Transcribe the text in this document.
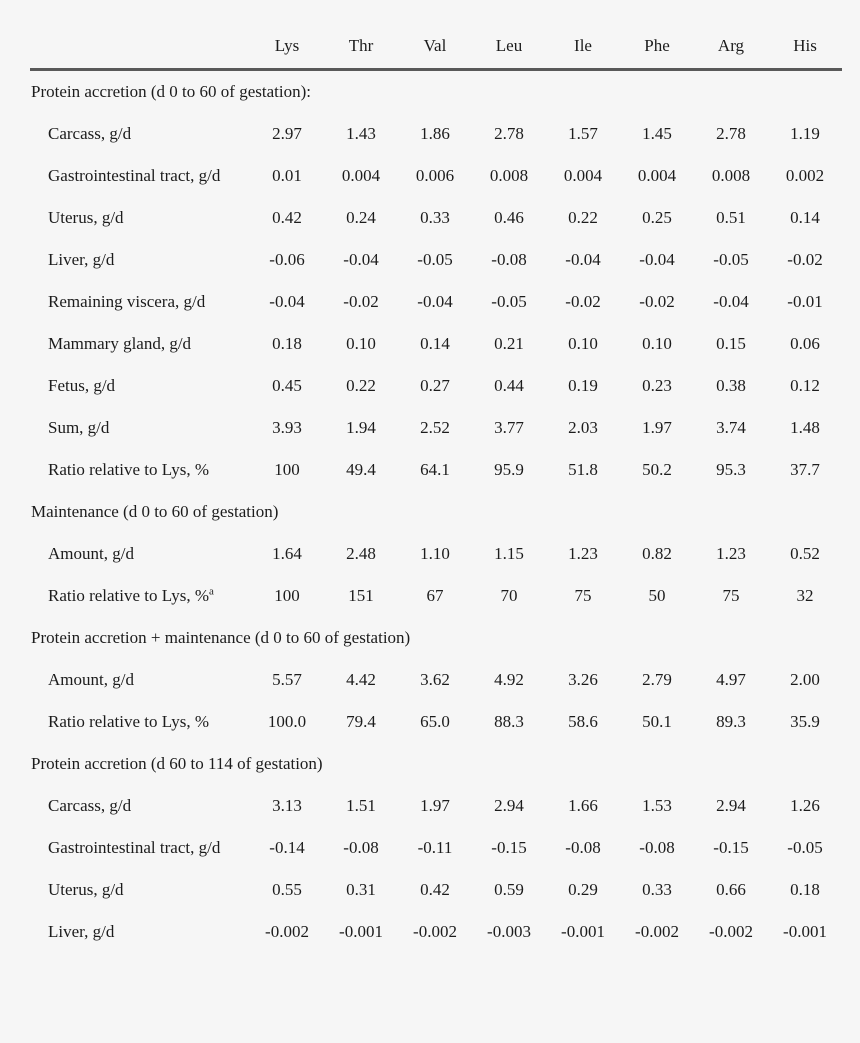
	Lys	Thr	Val	Leu	Ile	Phe	Arg	His
Protein accretion (d 0 to 60 of gestation):								
Carcass, g/d	2.97	1.43	1.86	2.78	1.57	1.45	2.78	1.19
Gastrointestinal tract, g/d	0.01	0.004	0.006	0.008	0.004	0.004	0.008	0.002
Uterus, g/d	0.42	0.24	0.33	0.46	0.22	0.25	0.51	0.14
Liver, g/d	-0.06	-0.04	-0.05	-0.08	-0.04	-0.04	-0.05	-0.02
Remaining viscera, g/d	-0.04	-0.02	-0.04	-0.05	-0.02	-0.02	-0.04	-0.01
Mammary gland, g/d	0.18	0.10	0.14	0.21	0.10	0.10	0.15	0.06
Fetus, g/d	0.45	0.22	0.27	0.44	0.19	0.23	0.38	0.12
Sum, g/d	3.93	1.94	2.52	3.77	2.03	1.97	3.74	1.48
Ratio relative to Lys, %	100	49.4	64.1	95.9	51.8	50.2	95.3	37.7
Maintenance (d 0 to 60 of gestation)								
Amount, g/d	1.64	2.48	1.10	1.15	1.23	0.82	1.23	0.52
Ratio relative to Lys, %$^a$	100	151	67	70	75	50	75	32
Protein accretion + maintenance (d 0 to 60 of gestation)								
Amount, g/d	5.57	4.42	3.62	4.92	3.26	2.79	4.97	2.00
Ratio relative to Lys, %	100.0	79.4	65.0	88.3	58.6	50.1	89.3	35.9
Protein accretion (d 60 to 114 of gestation)								
Carcass, g/d	3.13	1.51	1.97	2.94	1.66	1.53	2.94	1.26
Gastrointestinal tract, g/d	-0.14	-0.08	-0.11	-0.15	-0.08	-0.08	-0.15	-0.05
Uterus, g/d	0.55	0.31	0.42	0.59	0.29	0.33	0.66	0.18
Liver, g/d	-0.002	-0.001	-0.002	-0.003	-0.001	-0.002	-0.002	-0.001
